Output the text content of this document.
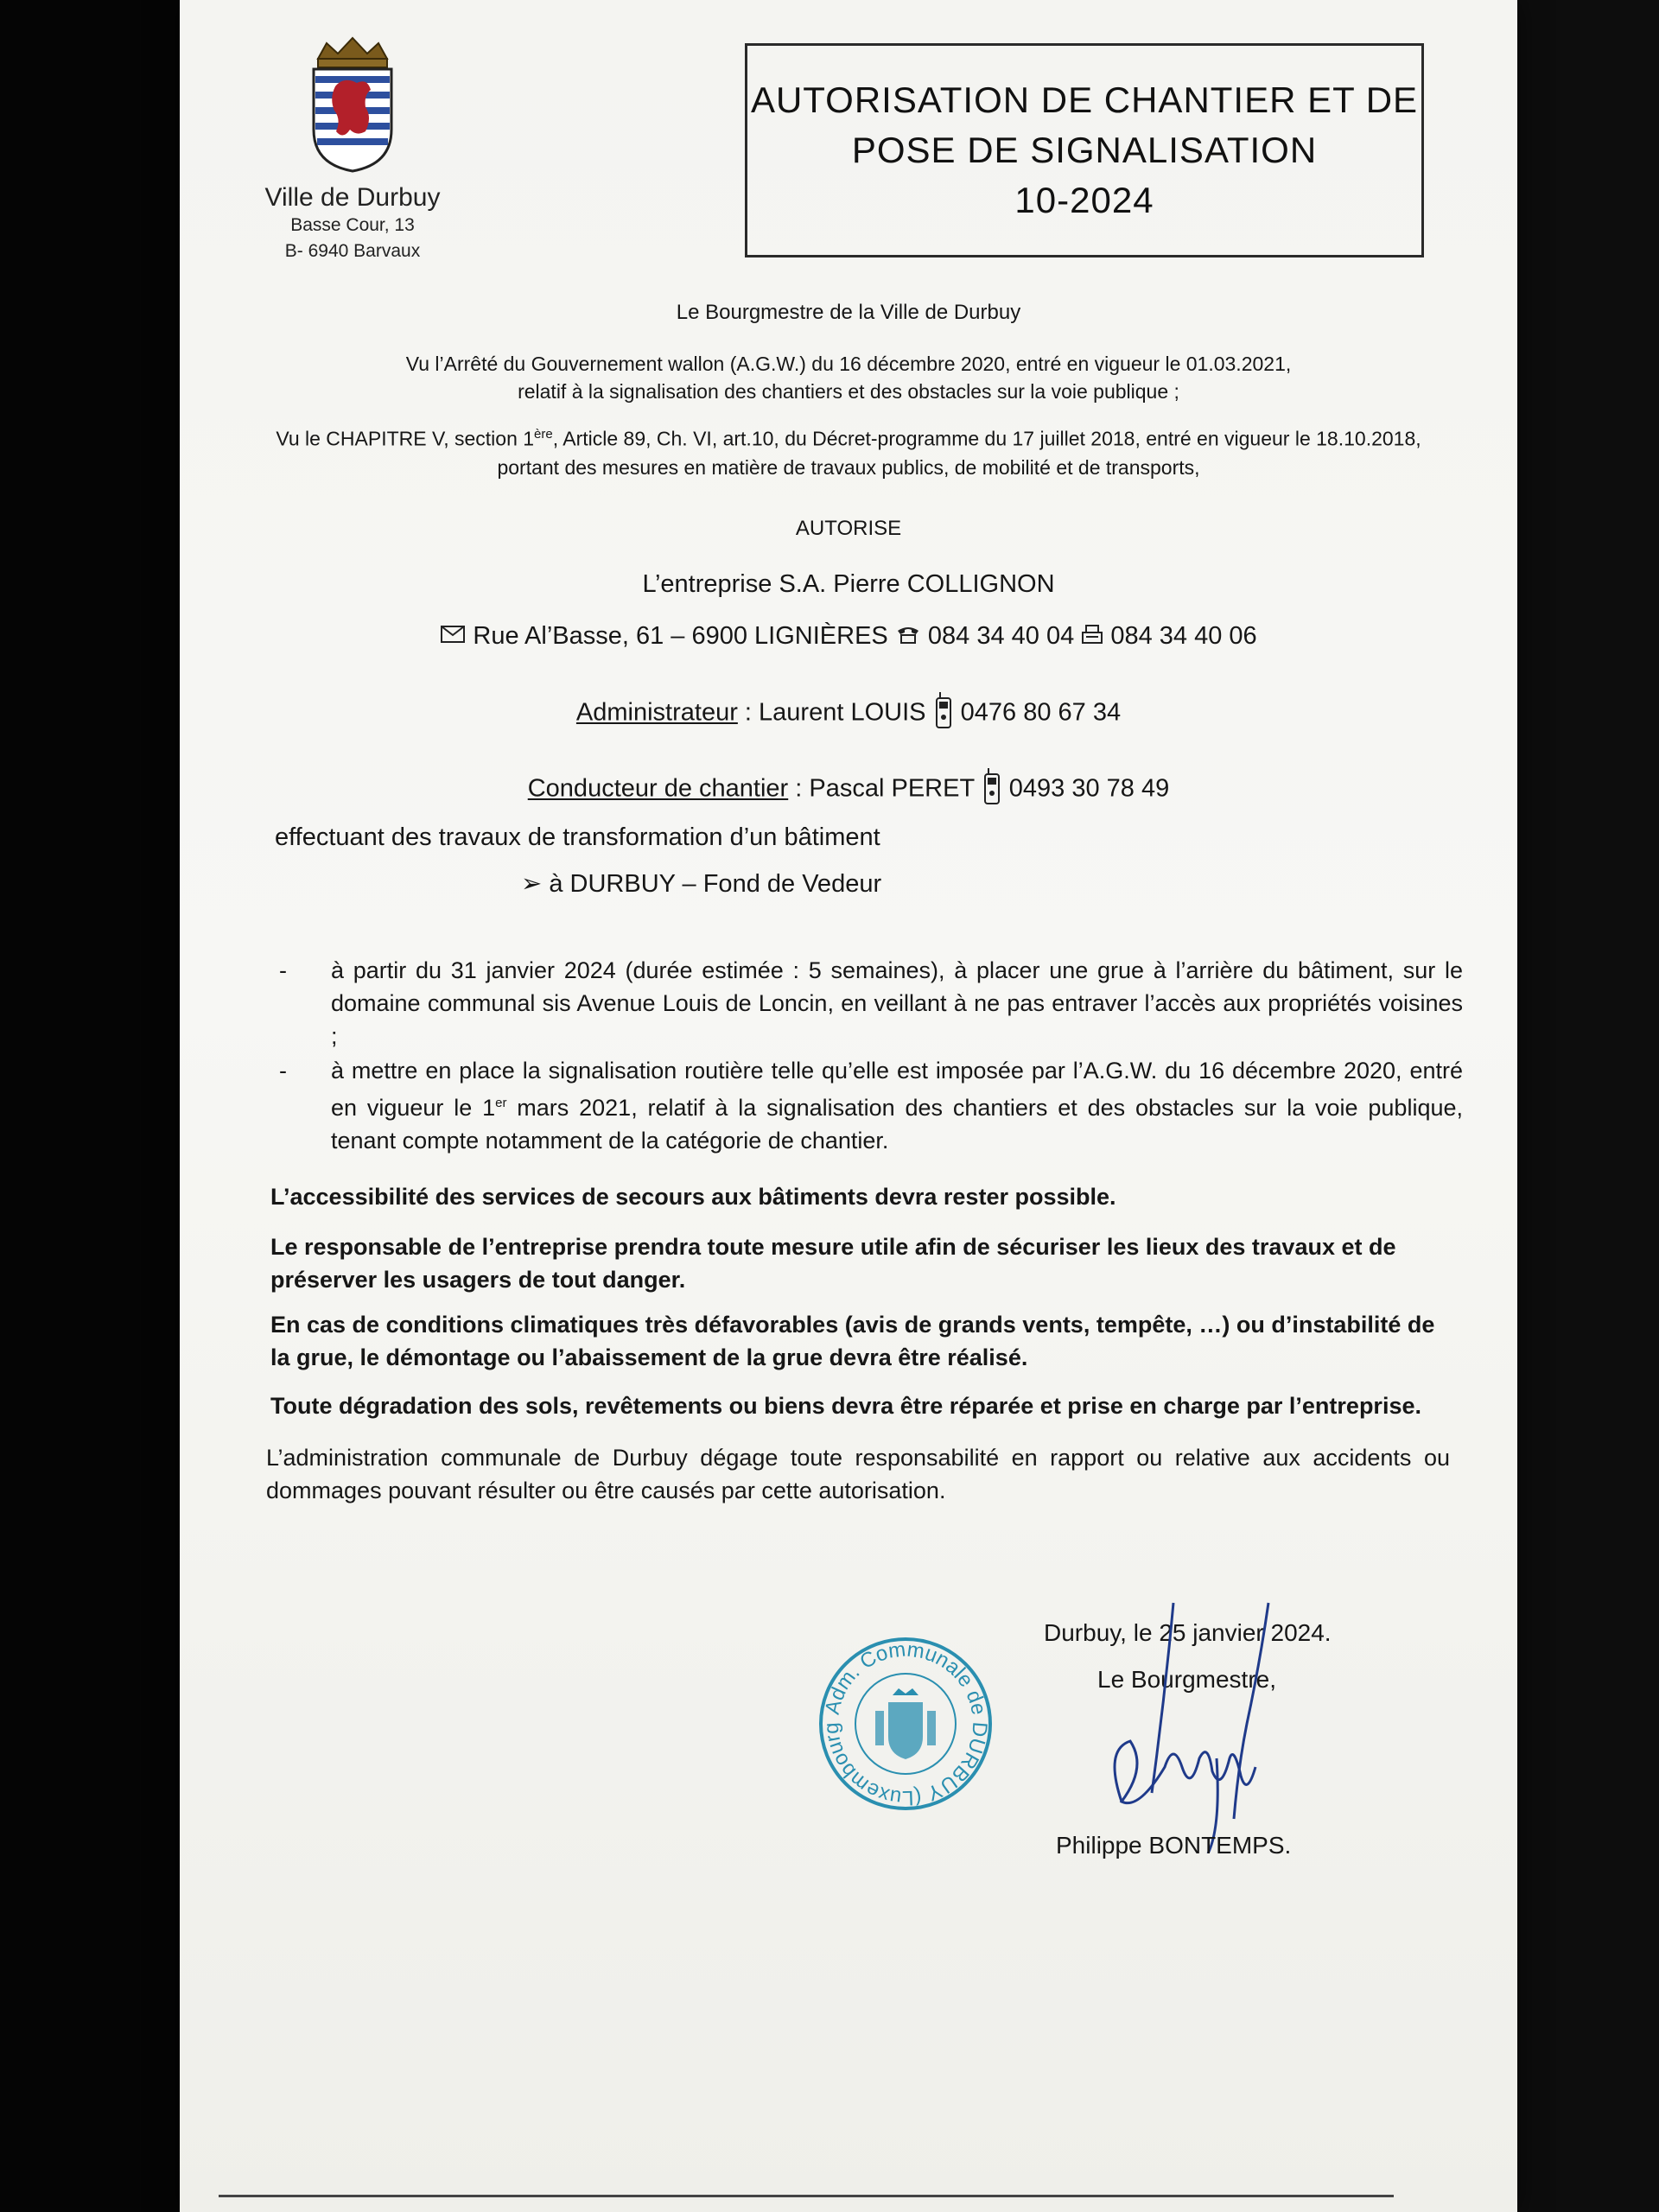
Ville de Durbuy
Basse Cour, 13
B- 6940 Barvaux
AUTORISATION DE CHANTIER ET DE
POSE DE SIGNALISATION
10-2024
Le Bourgmestre de la Ville de Durbuy
Vu l’Arrêté du Gouvernement wallon (A.G.W.) du 16 décembre 2020, entré en vigueur le 01.03.2021,
relatif à la signalisation des chantiers et des obstacles sur la voie publique ;
Vu le CHAPITRE V, section 1ère, Article 89, Ch. VI, art.10, du Décret-programme du 17 juillet 2018, entré en vigueur le 18.10.2018,
portant des mesures en matière de travaux publics, de mobilité et de transports,
AUTORISE
L’entreprise S.A. Pierre COLLIGNON
Rue Al’Basse, 61 – 6900 LIGNIÈRES 084 34 40 04 084 34 40 06
Administrateur : Laurent LOUIS 0476 80 67 34
Conducteur de chantier : Pascal PERET 0493 30 78 49
effectuant des travaux de transformation d’un bâtiment
➢ à DURBUY – Fond de Vedeur
- à partir du 31 janvier 2024 (durée estimée : 5 semaines), à placer une grue à l’arrière du bâtiment, sur le domaine communal sis Avenue Louis de Loncin, en veillant à ne pas entraver l’accès aux propriétés voisines ;
- à mettre en place la signalisation routière telle qu’elle est imposée par l’A.G.W. du 16 décembre 2020, entré en vigueur le 1er mars 2021, relatif à la signalisation des chantiers et des obstacles sur la voie publique, tenant compte notamment de la catégorie de chantier.
L’accessibilité des services de secours aux bâtiments devra rester possible.
Le responsable de l’entreprise prendra toute mesure utile afin de sécuriser les lieux des travaux et de préserver les usagers de tout danger.
En cas de conditions climatiques très défavorables (avis de grands vents, tempête, …) ou d’instabilité de la grue, le démontage ou l’abaissement de la grue devra être réalisé.
Toute dégradation des sols, revêtements ou biens devra être réparée et prise en charge par l’entreprise.
L’administration communale de Durbuy dégage toute responsabilité en rapport ou relative aux accidents ou dommages pouvant résulter ou être causés par cette autorisation.
Adm. Communale de DURBUY (Luxembourg
Durbuy, le 25 janvier 2024.
Le Bourgmestre,
Philippe BONTEMPS.
